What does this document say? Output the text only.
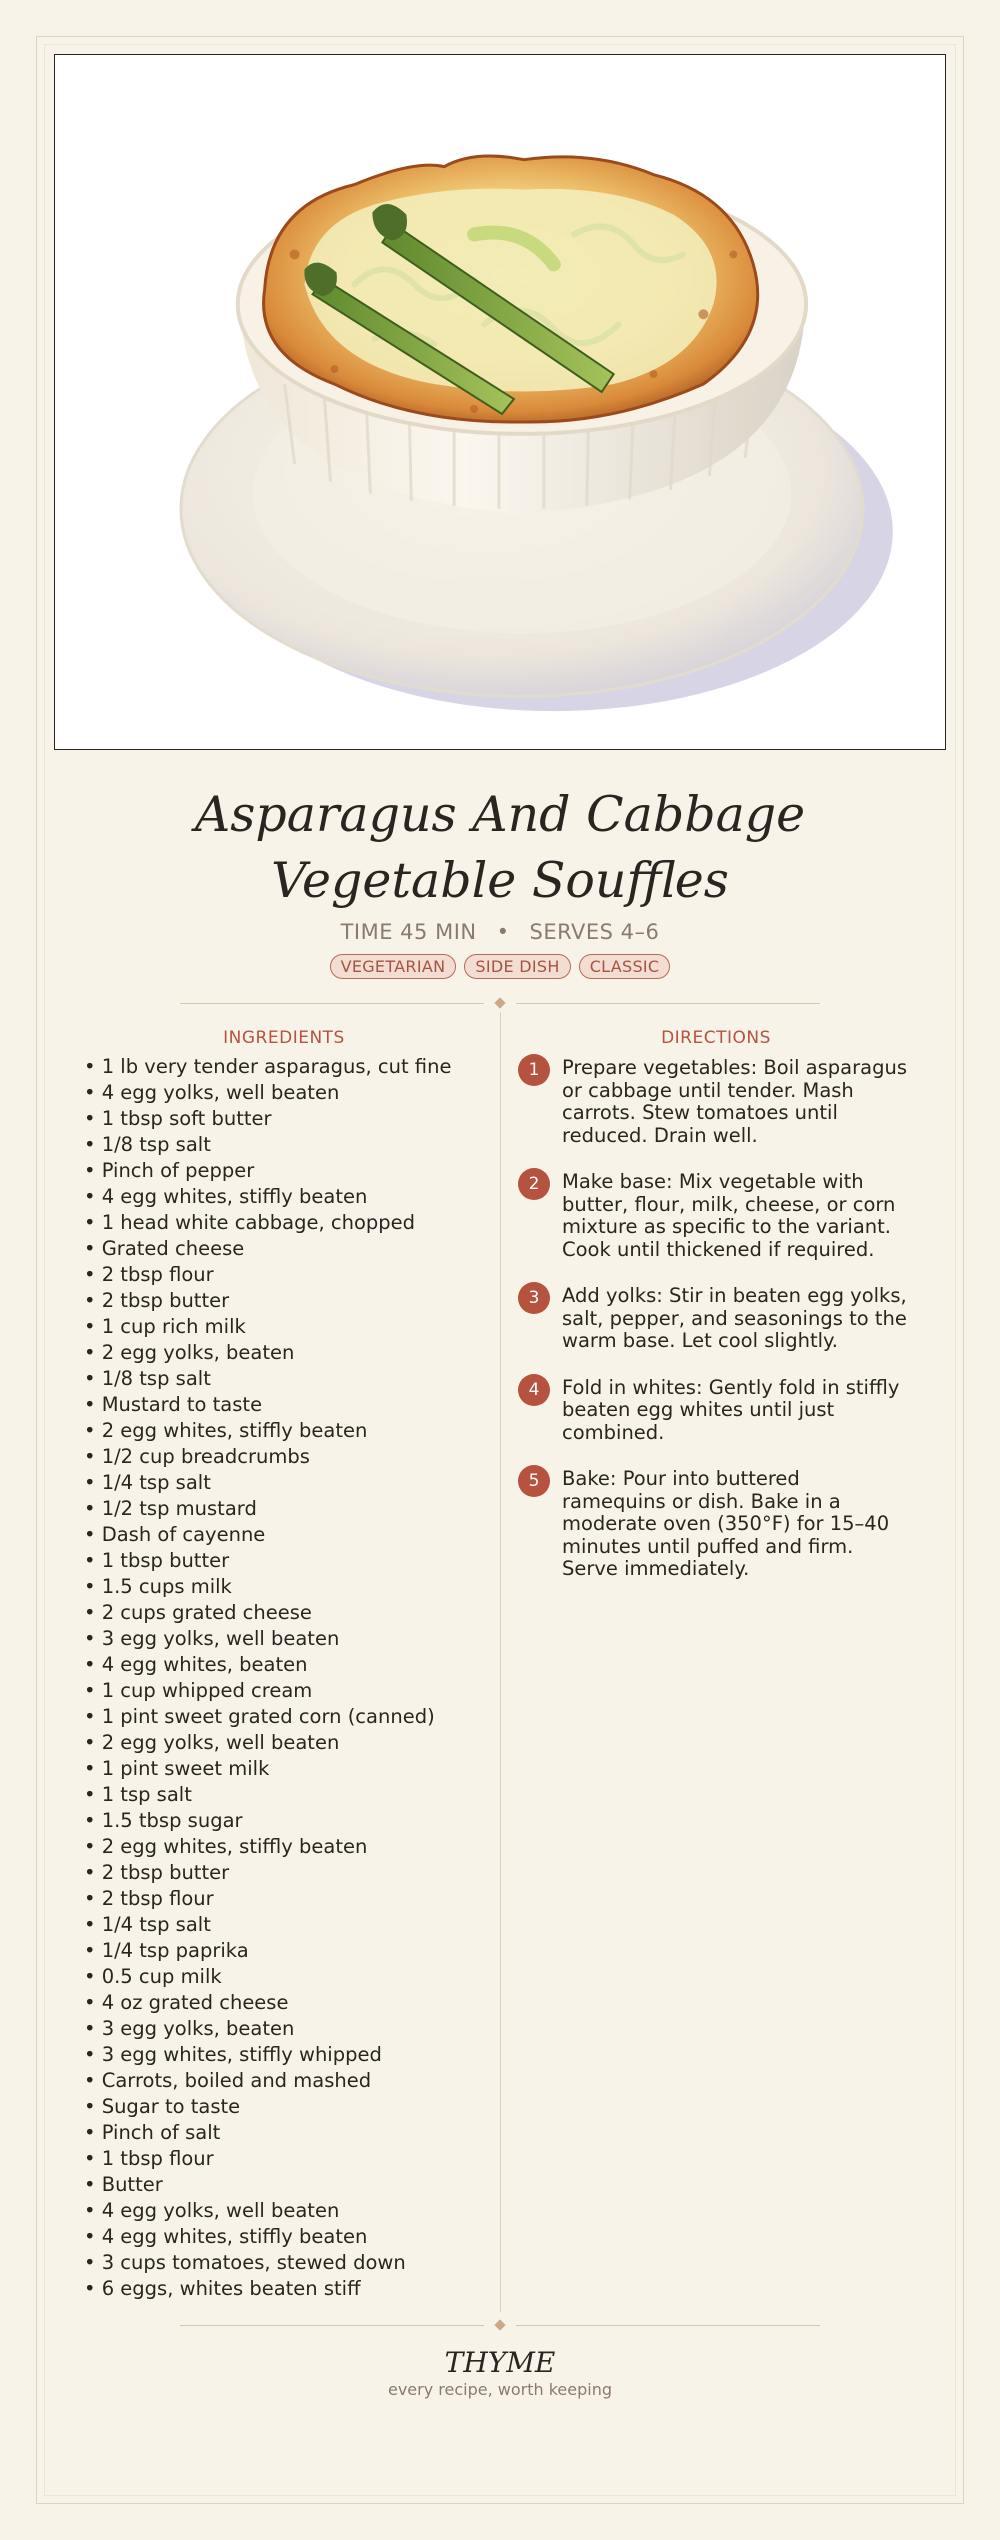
Asparagus And Cabbage Vegetable Souffles
TIME 45 MIN • SERVES 4–6
VEGETARIAN	SIDE DISH	CLASSIC
INGREDIENTS	DIRECTIONS
• 1 lb very tender asparagus, cut fine
• 4 egg yolks, well beaten
• 1 tbsp soft butter
• 1/8 tsp salt
• Pinch of pepper
• 4 egg whites, stiffly beaten
• 1 head white cabbage, chopped
• Grated cheese
• 2 tbsp flour
• 2 tbsp butter
• 1 cup rich milk
• 2 egg yolks, beaten
• 1/8 tsp salt
• Mustard to taste
• 2 egg whites, stiffly beaten
• 1/2 cup breadcrumbs
• 1/4 tsp salt
• 1/2 tsp mustard
• Dash of cayenne
• 1 tbsp butter
• 1.5 cups milk
• 2 cups grated cheese
• 3 egg yolks, well beaten
• 4 egg whites, beaten
• 1 cup whipped cream
• 1 pint sweet grated corn (canned)
• 2 egg yolks, well beaten
• 1 pint sweet milk
• 1 tsp salt
• 1.5 tbsp sugar
• 2 egg whites, stiffly beaten
• 2 tbsp butter
• 2 tbsp flour
• 1/4 tsp salt
• 1/4 tsp paprika
• 0.5 cup milk
• 4 oz grated cheese
• 3 egg yolks, beaten
• 3 egg whites, stiffly whipped
• Carrots, boiled and mashed
• Sugar to taste
• Pinch of salt
• 1 tbsp flour
• Butter
• 4 egg yolks, well beaten
• 4 egg whites, stiffly beaten
• 3 cups tomatoes, stewed down
• 6 eggs, whites beaten stiff
1	Prepare vegetables: Boil asparagus or cabbage until tender. Mash carrots. Stew tomatoes until reduced. Drain well.
2	Make base: Mix vegetable with butter, flour, milk, cheese, or corn mixture as specific to the variant. Cook until thickened if required.
3	Add yolks: Stir in beaten egg yolks, salt, pepper, and seasonings to the warm base. Let cool slightly.
4	Fold in whites: Gently fold in stiffly beaten egg whites until just combined.
5	Bake: Pour into buttered ramequins or dish. Bake in a moderate oven (350°F) for 15–40 minutes until puffed and firm. Serve immediately.
THYME
every recipe, worth keeping
